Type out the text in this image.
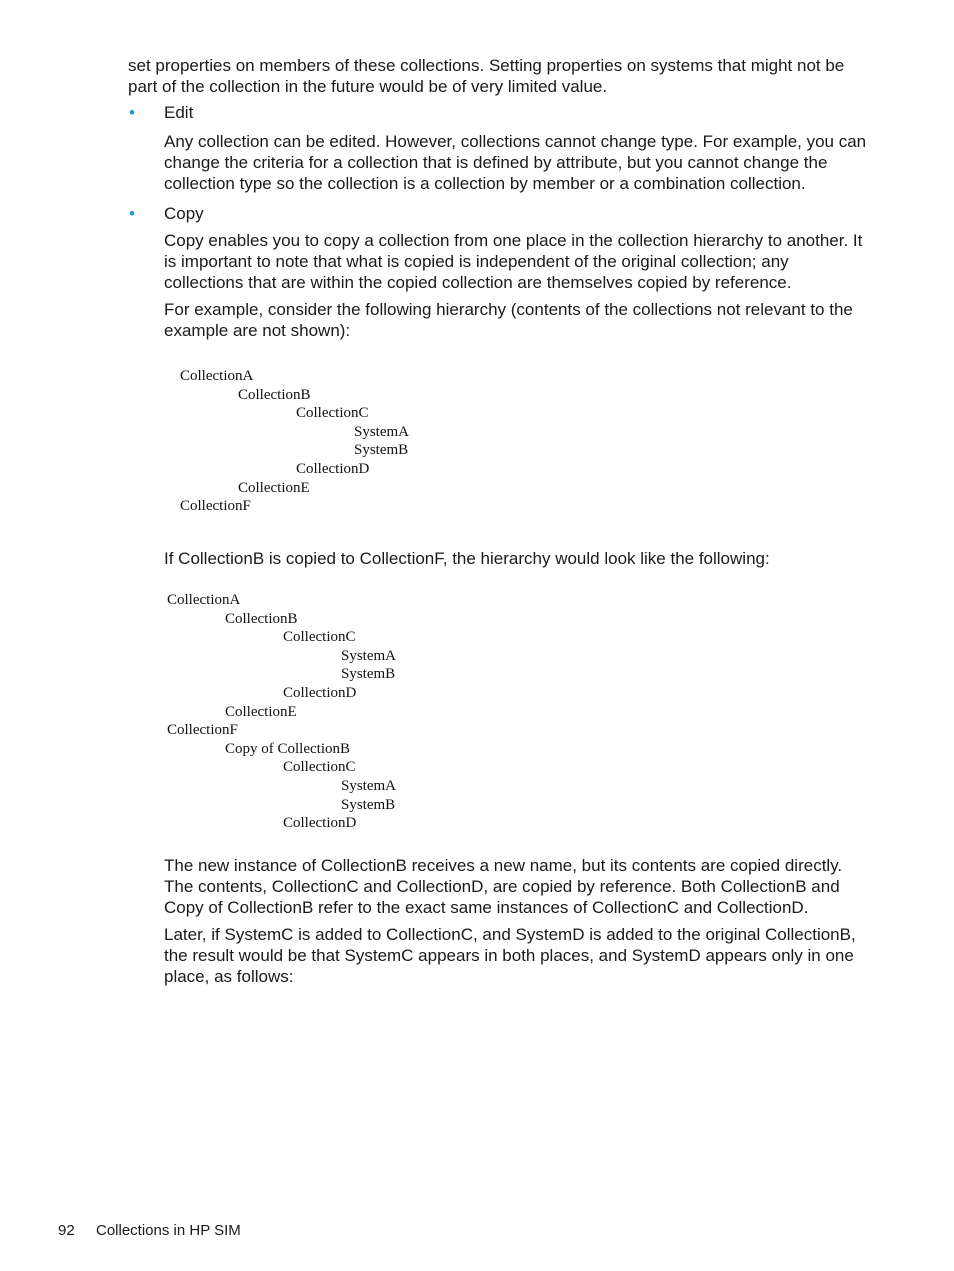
set properties on members of these collections. Setting properties on systems that might not be part of the collection in the future would be of very limited value.

• Edit

Any collection can be edited. However, collections cannot change type. For example, you can change the criteria for a collection that is defined by attribute, but you cannot change the collection type so the collection is a collection by member or a combination collection.

• Copy

Copy enables you to copy a collection from one place in the collection hierarchy to another. It is important to note that what is copied is independent of the original collection; any collections that are within the copied collection are themselves copied by reference.

For example, consider the following hierarchy (contents of the collections not relevant to the example are not shown):

CollectionA
CollectionB
CollectionC
SystemA
SystemB
CollectionD
CollectionE
CollectionF

If CollectionB is copied to CollectionF, the hierarchy would look like the following:

CollectionA
CollectionB
CollectionC
SystemA
SystemB
CollectionD
CollectionE
CollectionF
Copy of CollectionB
CollectionC
SystemA
SystemB
CollectionD

The new instance of CollectionB receives a new name, but its contents are copied directly. The contents, CollectionC and CollectionD, are copied by reference. Both CollectionB and Copy of CollectionB refer to the exact same instances of CollectionC and CollectionD.

Later, if SystemC is added to CollectionC, and SystemD is added to the original CollectionB, the result would be that SystemC appears in both places, and SystemD appears only in one place, as follows:

92 Collections in HP SIM
